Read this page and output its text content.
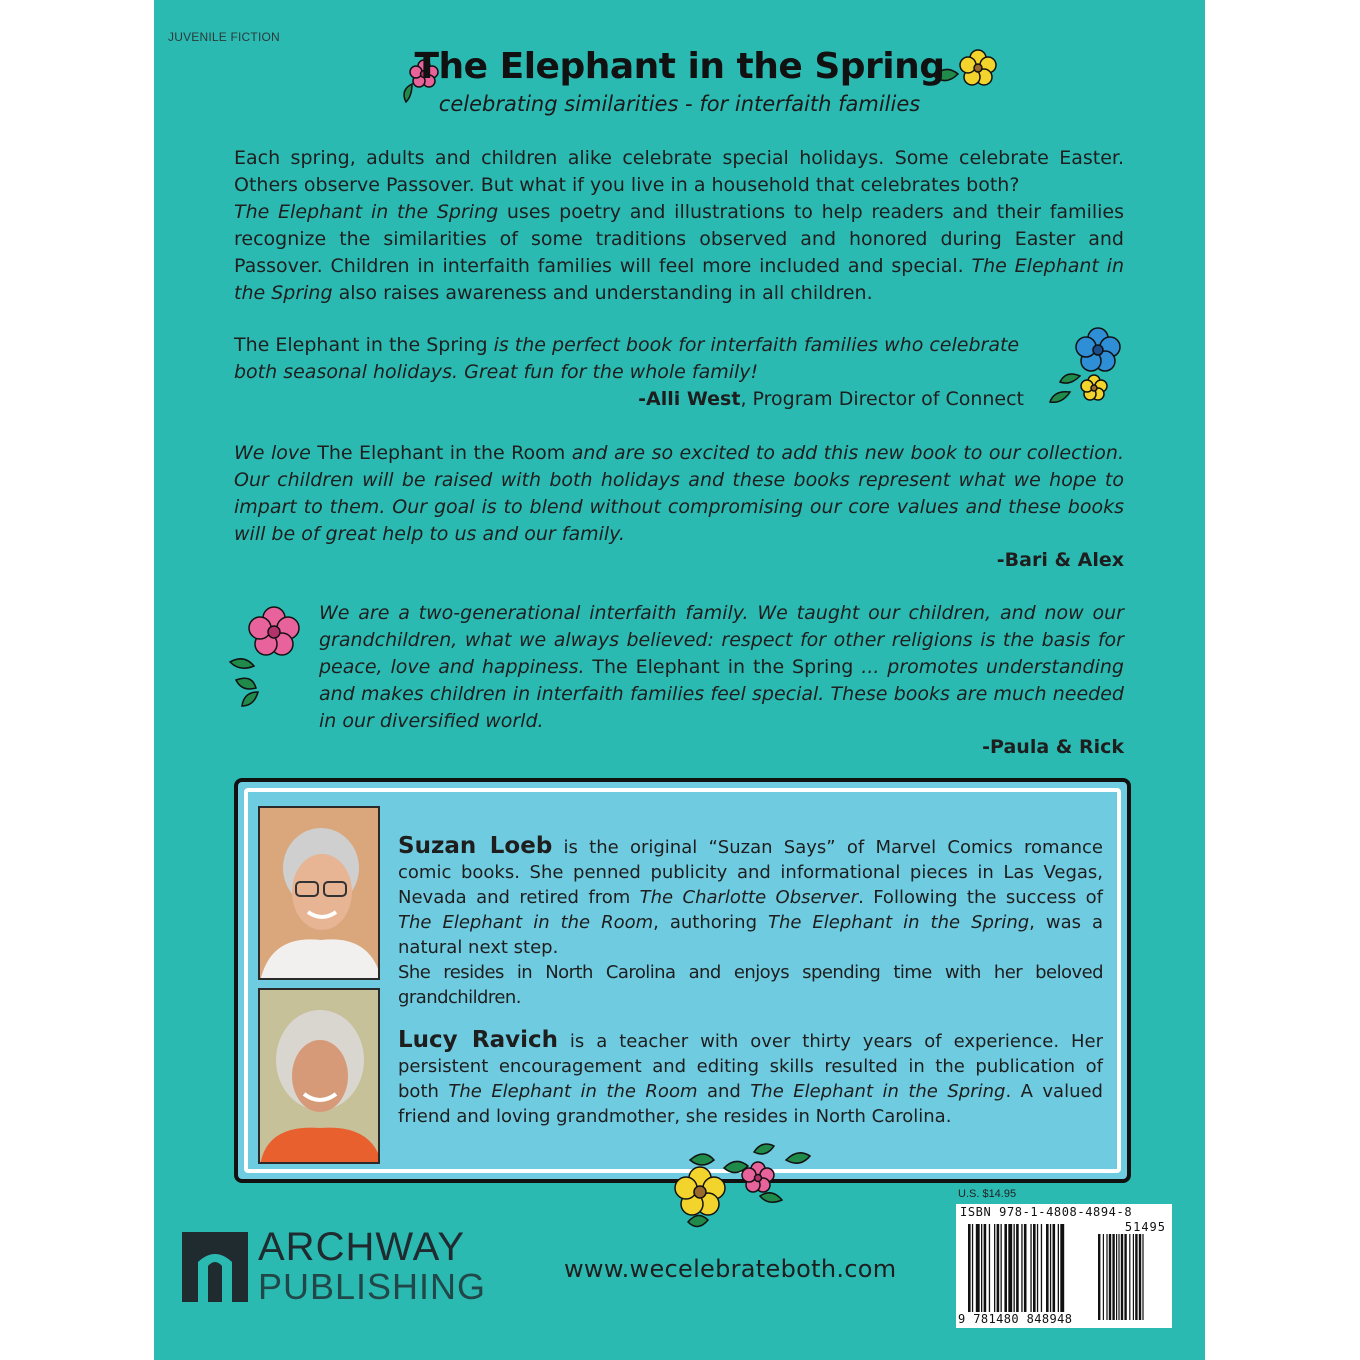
JUVENILE FICTION
The Elephant in the Spring
celebrating similarities - for interfaith families
Each spring, adults and children alike celebrate special holidays. Some celebrate Easter. Others observe Passover. But what if you live in a household that celebrates both?
The Elephant in the Spring uses poetry and illustrations to help readers and their families recognize the similarities of some traditions observed and honored during Easter and Passover. Children in interfaith families will feel more included and special. The Elephant in the Spring also raises awareness and understanding in all children.
The Elephant in the Spring is the perfect book for interfaith families who celebrate both seasonal holidays. Great fun for the whole family!
-Alli West, Program Director of Connect
We love The Elephant in the Room and are so excited to add this new book to our collection. Our children will be raised with both holidays and these books represent what we hope to impart to them. Our goal is to blend without compromising our core values and these books will be of great help to us and our family.
-Bari & Alex
We are a two-generational interfaith family. We taught our children, and now our grandchildren, what we always believed: respect for other religions is the basis for peace, love and happiness. The Elephant in the Spring ... promotes understanding and makes children in interfaith families feel special. These books are much needed in our diversified world.
-Paula & Rick
Suzan Loeb is the original “Suzan Says” of Marvel Comics romance comic books. She penned publicity and informational pieces in Las Vegas, Nevada and retired from The Charlotte Observer. Following the success of The Elephant in the Room, authoring The Elephant in the Spring, was a natural next step.
She resides in North Carolina and enjoys spending time with her beloved grandchildren.
Lucy Ravich is a teacher with over thirty years of experience. Her persistent encouragement and editing skills resulted in the publication of both The Elephant in the Room and The Elephant in the Spring. A valued friend and loving grandmother, she resides in North Carolina.
ARCHWAY
PUBLISHING	www.wecelebrateboth.com
U.S. $14.95
ISBN 978-1-4808-4894-8
51495
9 781480 848948
